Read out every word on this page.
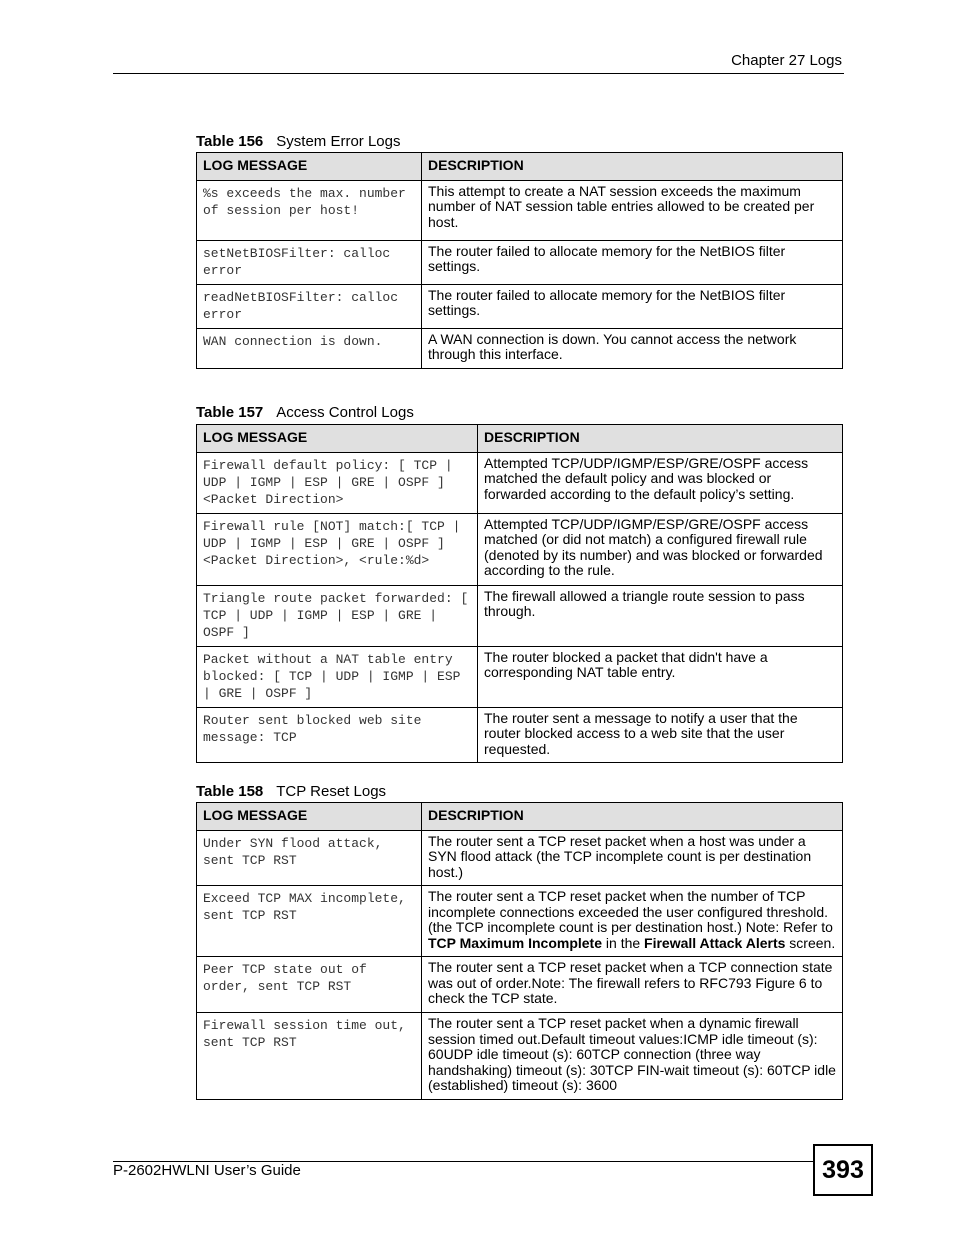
Chapter 27 Logs
Table 156 System Error Logs
LOG MESSAGE	DESCRIPTION
%s exceeds the max. number of session per host!	This attempt to create a NAT session exceeds the maximum number of NAT session table entries allowed to be created per host.
setNetBIOSFilter: calloc error	The router failed to allocate memory for the NetBIOS filter settings.
readNetBIOSFilter: calloc error	The router failed to allocate memory for the NetBIOS filter settings.
WAN connection is down.	A WAN connection is down. You cannot access the network through this interface.
Table 157 Access Control Logs
LOG MESSAGE	DESCRIPTION
Firewall default policy: [ TCP | UDP | IGMP | ESP | GRE | OSPF ] <Packet Direction>	Attempted TCP/UDP/IGMP/ESP/GRE/OSPF access matched the default policy and was blocked or forwarded according to the default policy’s setting.
Firewall rule [NOT] match:[ TCP | UDP | IGMP | ESP | GRE | OSPF ] <Packet Direction>, <rule:%d>	Attempted TCP/UDP/IGMP/ESP/GRE/OSPF access matched (or did not match) a configured firewall rule (denoted by its number) and was blocked or forwarded according to the rule.
Triangle route packet forwarded: [ TCP | UDP | IGMP | ESP | GRE | OSPF ]	The firewall allowed a triangle route session to pass through.
Packet without a NAT table entry blocked: [ TCP | UDP | IGMP | ESP | GRE | OSPF ]	The router blocked a packet that didn't have a corresponding NAT table entry.
Router sent blocked web site message: TCP	The router sent a message to notify a user that the router blocked access to a web site that the user requested.
Table 158 TCP Reset Logs
LOG MESSAGE	DESCRIPTION
Under SYN flood attack, sent TCP RST	The router sent a TCP reset packet when a host was under a SYN flood attack (the TCP incomplete count is per destination host.)
Exceed TCP MAX incomplete, sent TCP RST	The router sent a TCP reset packet when the number of TCP incomplete connections exceeded the user configured threshold. (the TCP incomplete count is per destination host.) Note: Refer to TCP Maximum Incomplete in the Firewall Attack Alerts screen.
Peer TCP state out of order, sent TCP RST	The router sent a TCP reset packet when a TCP connection state was out of order.Note: The firewall refers to RFC793 Figure 6 to check the TCP state.
Firewall session time out, sent TCP RST	The router sent a TCP reset packet when a dynamic firewall session timed out.Default timeout values:ICMP idle timeout (s): 60UDP idle timeout (s): 60TCP connection (three way handshaking) timeout (s): 30TCP FIN-wait timeout (s): 60TCP idle (established) timeout (s): 3600
P-2602HWLNI User’s Guide	393
